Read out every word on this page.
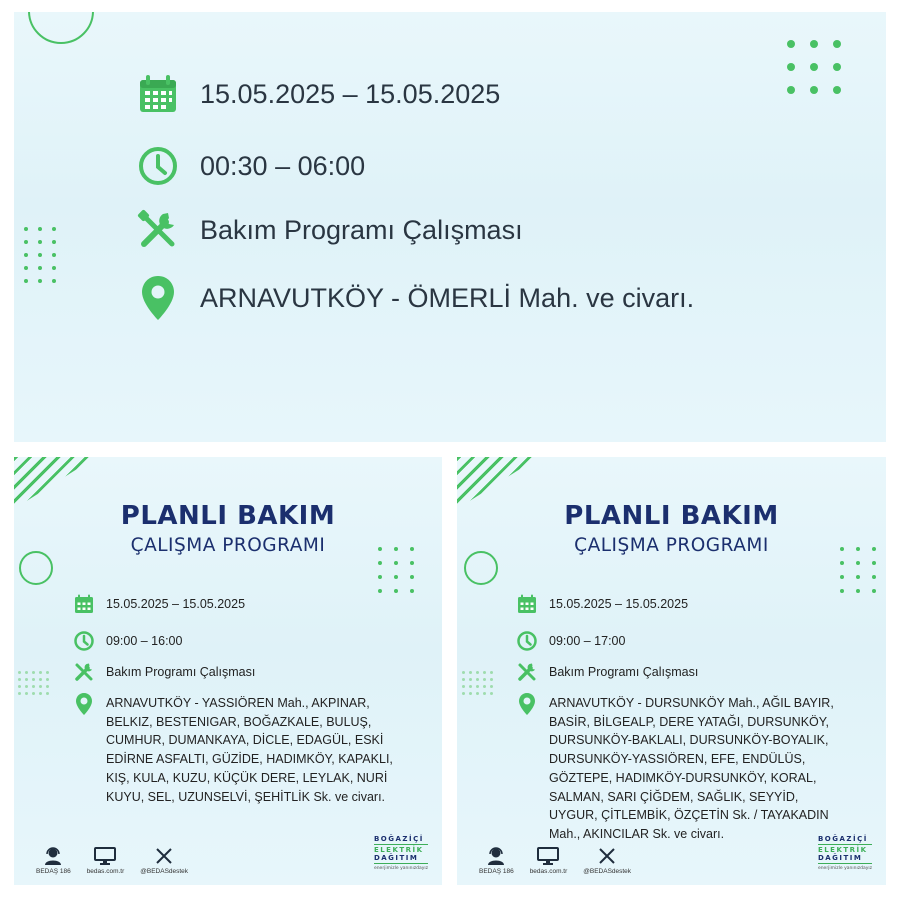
15.05.2025 – 15.05.2025
00:30 – 06:00
Bakım Programı Çalışması
ARNAVUTKÖY - ÖMERLİ Mah. ve civarı.
PLANLI BAKIM
ÇALIŞMA PROGRAMI
15.05.2025 – 15.05.2025
09:00 – 16:00
Bakım Programı Çalışması
ARNAVUTKÖY - YASSIÖREN Mah., AKPINAR, BELKIZ, BESTENIGAR, BOĞAZKALE, BULUŞ, CUMHUR, DUMANKAYA, DİCLE, EDAGÜL, ESKİ EDİRNE ASFALTI, GÜZİDE, HADIMKÖY, KAPAKLI, KIŞ, KULA, KUZU, KÜÇÜK DERE, LEYLAK, NURİ KUYU, SEL, UZUNSELVİ, ŞEHİTLİK Sk. ve civarı.
BEDAŞ 186 bedas.com.tr @BEDASdestek
BOĞAZİÇİ
ELEKTRİK
DAĞITIM
enerjimizle yanınızdayız
PLANLI BAKIM
ÇALIŞMA PROGRAMI
15.05.2025 – 15.05.2025
09:00 – 17:00
Bakım Programı Çalışması
ARNAVUTKÖY - DURSUNKÖY Mah., AĞIL BAYIR, BASİR, BİLGEALP, DERE YATAĞI, DURSUNKÖY, DURSUNKÖY-BAKLALI, DURSUNKÖY-BOYALIK, DURSUNKÖY-YASSIÖREN, EFE, ENDÜLÜS, GÖZTEPE, HADIMKÖY-DURSUNKÖY, KORAL, SALMAN, SARI ÇİĞDEM, SAĞLIK, SEYYİD, UYGUR, ÇİTLEMBİK, ÖZÇETİN Sk. / TAYAKADIN Mah., AKINCILAR Sk. ve civarı.
BEDAŞ 186 bedas.com.tr @BEDASdestek
BOĞAZİÇİ
ELEKTRİK
DAĞITIM
enerjimizle yanınızdayız
